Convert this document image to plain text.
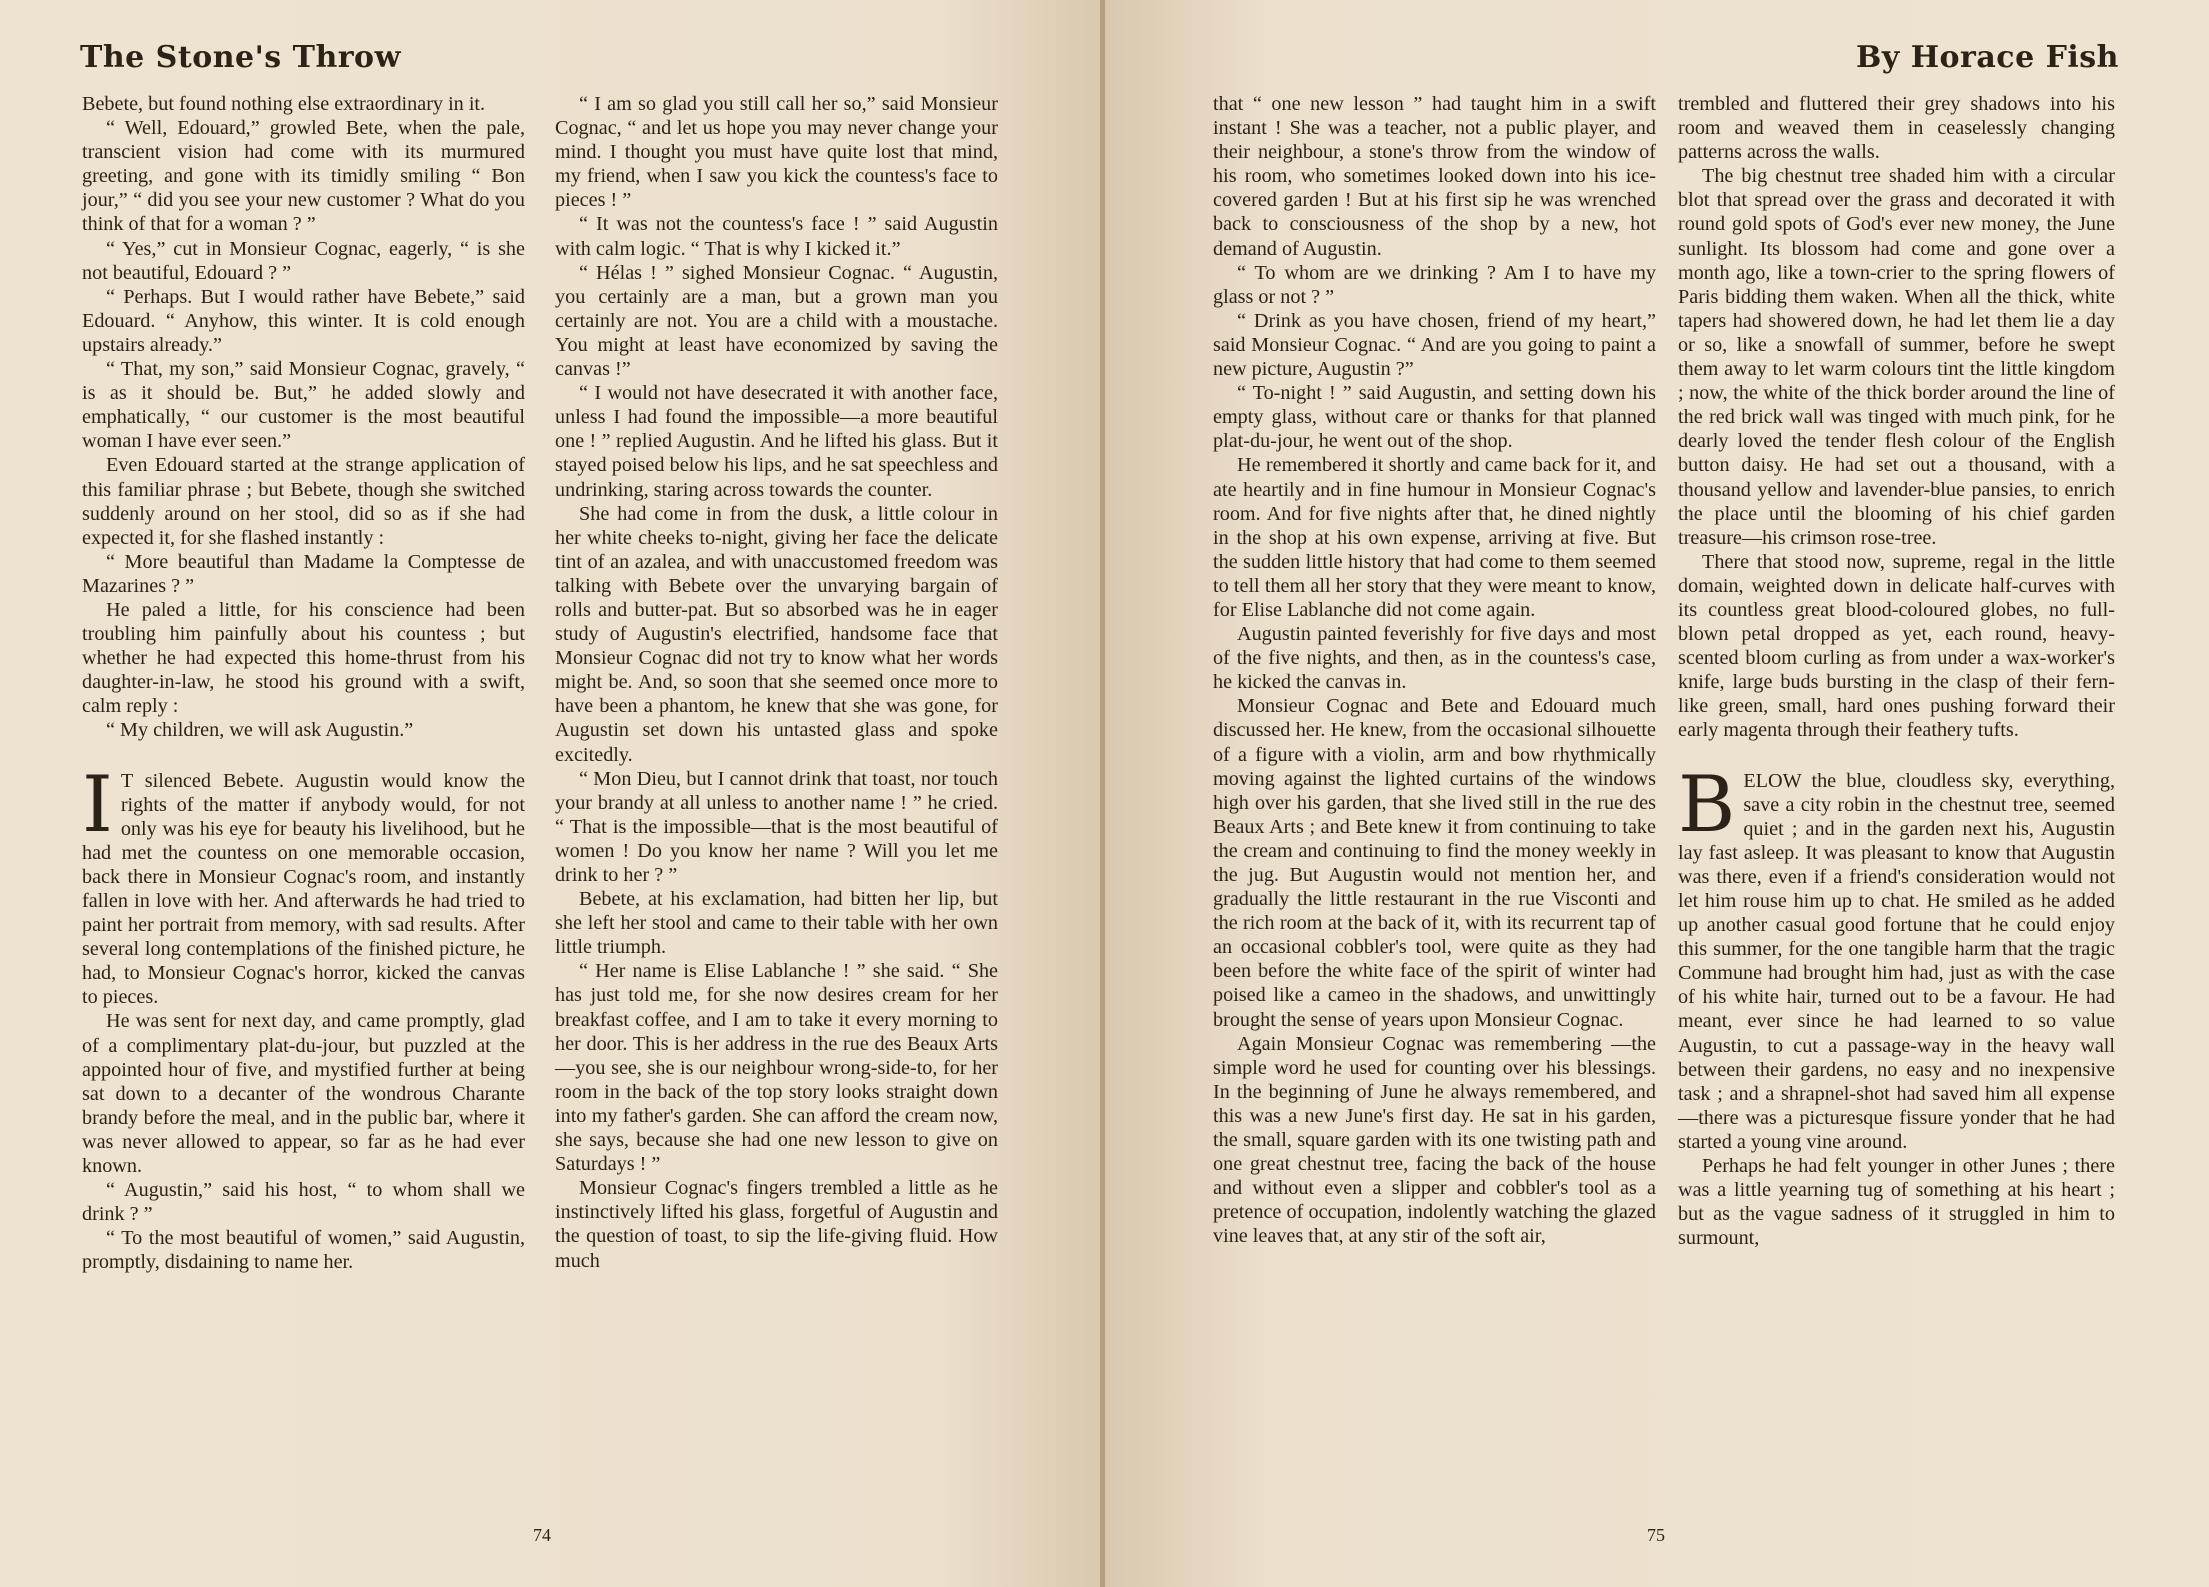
The Stone's Throw

Bebete, but found nothing else extraordinary in it.

“ Well, Edouard,” growled Bete, when the pale, transcient vision had come with its murmured greeting, and gone with its timidly smiling “ Bon jour,” “ did you see your new customer ? What do you think of that for a woman ? ”

“ Yes,” cut in Monsieur Cognac, eagerly, “ is she not beautiful, Edouard ? ”

“ Perhaps. But I would rather have Bebete,” said Edouard. “ Anyhow, this winter. It is cold enough upstairs already.”

“ That, my son,” said Monsieur Cognac, gravely, “ is as it should be. But,” he added slowly and emphatically, “ our customer is the most beautiful woman I have ever seen.”

Even Edouard started at the strange application of this familiar phrase ; but Bebete, though she switched suddenly around on her stool, did so as if she had expected it, for she flashed instantly :

“ More beautiful than Madame la Comptesse de Mazarines ? ”

He paled a little, for his conscience had been troubling him painfully about his countess ; but whether he had expected this home-thrust from his daughter-in-law, he stood his ground with a swift, calm reply :

“ My children, we will ask Augustin.”

I T silenced Bebete. Augustin would know the rights of the matter if anybody would, for not only was his eye for beauty his livelihood, but he had met the countess on one memorable occasion, back there in Monsieur Cognac's room, and instantly fallen in love with her. And afterwards he had tried to paint her portrait from memory, with sad results. After several long contemplations of the finished picture, he had, to Monsieur Cognac's horror, kicked the canvas to pieces.

He was sent for next day, and came promptly, glad of a complimentary plat-du-jour, but puzzled at the appointed hour of five, and mystified further at being sat down to a decanter of the wondrous Charante brandy before the meal, and in the public bar, where it was never allowed to appear, so far as he had ever known.

“ Augustin,” said his host, “ to whom shall we drink ? ”

“ To the most beautiful of women,” said Augustin, promptly, disdaining to name her.

“ I am so glad you still call her so,” said Monsieur Cognac, “ and let us hope you may never change your mind. I thought you must have quite lost that mind, my friend, when I saw you kick the countess's face to pieces ! ”

“ It was not the countess's face ! ” said Augustin with calm logic. “ That is why I kicked it.”

“ Hélas ! ” sighed Monsieur Cognac. “ Augustin, you certainly are a man, but a grown man you certainly are not. You are a child with a moustache. You might at least have economized by saving the canvas !”

“ I would not have desecrated it with another face, unless I had found the impossible—a more beautiful one ! ” replied Augustin. And he lifted his glass. But it stayed poised below his lips, and he sat speechless and undrinking, staring across towards the counter.

She had come in from the dusk, a little colour in her white cheeks to-night, giving her face the delicate tint of an azalea, and with unaccustomed freedom was talking with Bebete over the unvarying bargain of rolls and butter-pat. But so absorbed was he in eager study of Augustin's electrified, handsome face that Monsieur Cognac did not try to know what her words might be. And, so soon that she seemed once more to have been a phantom, he knew that she was gone, for Augustin set down his untasted glass and spoke excitedly.

“ Mon Dieu, but I cannot drink that toast, nor touch your brandy at all unless to another name ! ” he cried. “ That is the impossible—that is the most beautiful of women ! Do you know her name ? Will you let me drink to her ? ”

Bebete, at his exclamation, had bitten her lip, but she left her stool and came to their table with her own little triumph.

“ Her name is Elise Lablanche ! ” she said. “ She has just told me, for she now desires cream for her breakfast coffee, and I am to take it every morning to her door. This is her address in the rue des Beaux Arts—you see, she is our neighbour wrong-side-to, for her room in the back of the top story looks straight down into my father's garden. She can afford the cream now, she says, because she had one new lesson to give on Saturdays ! ”

Monsieur Cognac's fingers trembled a little as he instinctively lifted his glass, forgetful of Augustin and the question of toast, to sip the life-giving fluid. How much

74
By Horace Fish

that “ one new lesson ” had taught him in a swift instant ! She was a teacher, not a public player, and their neighbour, a stone's throw from the window of his room, who sometimes looked down into his ice-covered garden ! But at his first sip he was wrenched back to consciousness of the shop by a new, hot demand of Augustin.

“ To whom are we drinking ? Am I to have my glass or not ? ”

“ Drink as you have chosen, friend of my heart,” said Monsieur Cognac. “ And are you going to paint a new picture, Augustin ?”

“ To-night ! ” said Augustin, and setting down his empty glass, without care or thanks for that planned plat-du-jour, he went out of the shop.

He remembered it shortly and came back for it, and ate heartily and in fine humour in Monsieur Cognac's room. And for five nights after that, he dined nightly in the shop at his own expense, arriving at five. But the sudden little history that had come to them seemed to tell them all her story that they were meant to know, for Elise Lablanche did not come again.

Augustin painted feverishly for five days and most of the five nights, and then, as in the countess's case, he kicked the canvas in.

Monsieur Cognac and Bete and Edouard much discussed her. He knew, from the occasional silhouette of a figure with a violin, arm and bow rhythmically moving against the lighted curtains of the windows high over his garden, that she lived still in the rue des Beaux Arts ; and Bete knew it from continuing to take the cream and continuing to find the money weekly in the jug. But Augustin would not mention her, and gradually the little restaurant in the rue Visconti and the rich room at the back of it, with its recurrent tap of an occasional cobbler's tool, were quite as they had been before the white face of the spirit of winter had poised like a cameo in the shadows, and unwittingly brought the sense of years upon Monsieur Cognac.

Again Monsieur Cognac was remembering —the simple word he used for counting over his blessings. In the beginning of June he always remembered, and this was a new June's first day. He sat in his garden, the small, square garden with its one twisting path and one great chestnut tree, facing the back of the house and without even a slipper and cobbler's tool as a pretence of occupation, indolently watching the glazed vine leaves that, at any stir of the soft air,

trembled and fluttered their grey shadows into his room and weaved them in ceaselessly changing patterns across the walls.

The big chestnut tree shaded him with a circular blot that spread over the grass and decorated it with round gold spots of God's ever new money, the June sunlight. Its blossom had come and gone over a month ago, like a town-crier to the spring flowers of Paris bidding them waken. When all the thick, white tapers had showered down, he had let them lie a day or so, like a snowfall of summer, before he swept them away to let warm colours tint the little kingdom ; now, the white of the thick border around the line of the red brick wall was tinged with much pink, for he dearly loved the tender flesh colour of the English button daisy. He had set out a thousand, with a thousand yellow and lavender-blue pansies, to enrich the place until the blooming of his chief garden treasure—his crimson rose-tree.

There that stood now, supreme, regal in the little domain, weighted down in delicate half-curves with its countless great blood-coloured globes, no full-blown petal dropped as yet, each round, heavy-scented bloom curling as from under a wax-worker's knife, large buds bursting in the clasp of their fern-like green, small, hard ones pushing forward their early magenta through their feathery tufts.

BELOW the blue, cloudless sky, everything, save a city robin in the chestnut tree, seemed quiet ; and in the garden next his, Augustin lay fast asleep. It was pleasant to know that Augustin was there, even if a friend's consideration would not let him rouse him up to chat. He smiled as he added up another casual good fortune that he could enjoy this summer, for the one tangible harm that the tragic Commune had brought him had, just as with the case of his white hair, turned out to be a favour. He had meant, ever since he had learned to so value Augustin, to cut a passage-way in the heavy wall between their gardens, no easy and no inexpensive task ; and a shrapnel-shot had saved him all expense—there was a picturesque fissure yonder that he had started a young vine around.

Perhaps he had felt younger in other Junes ; there was a little yearning tug of something at his heart ; but as the vague sadness of it struggled in him to surmount,

75
